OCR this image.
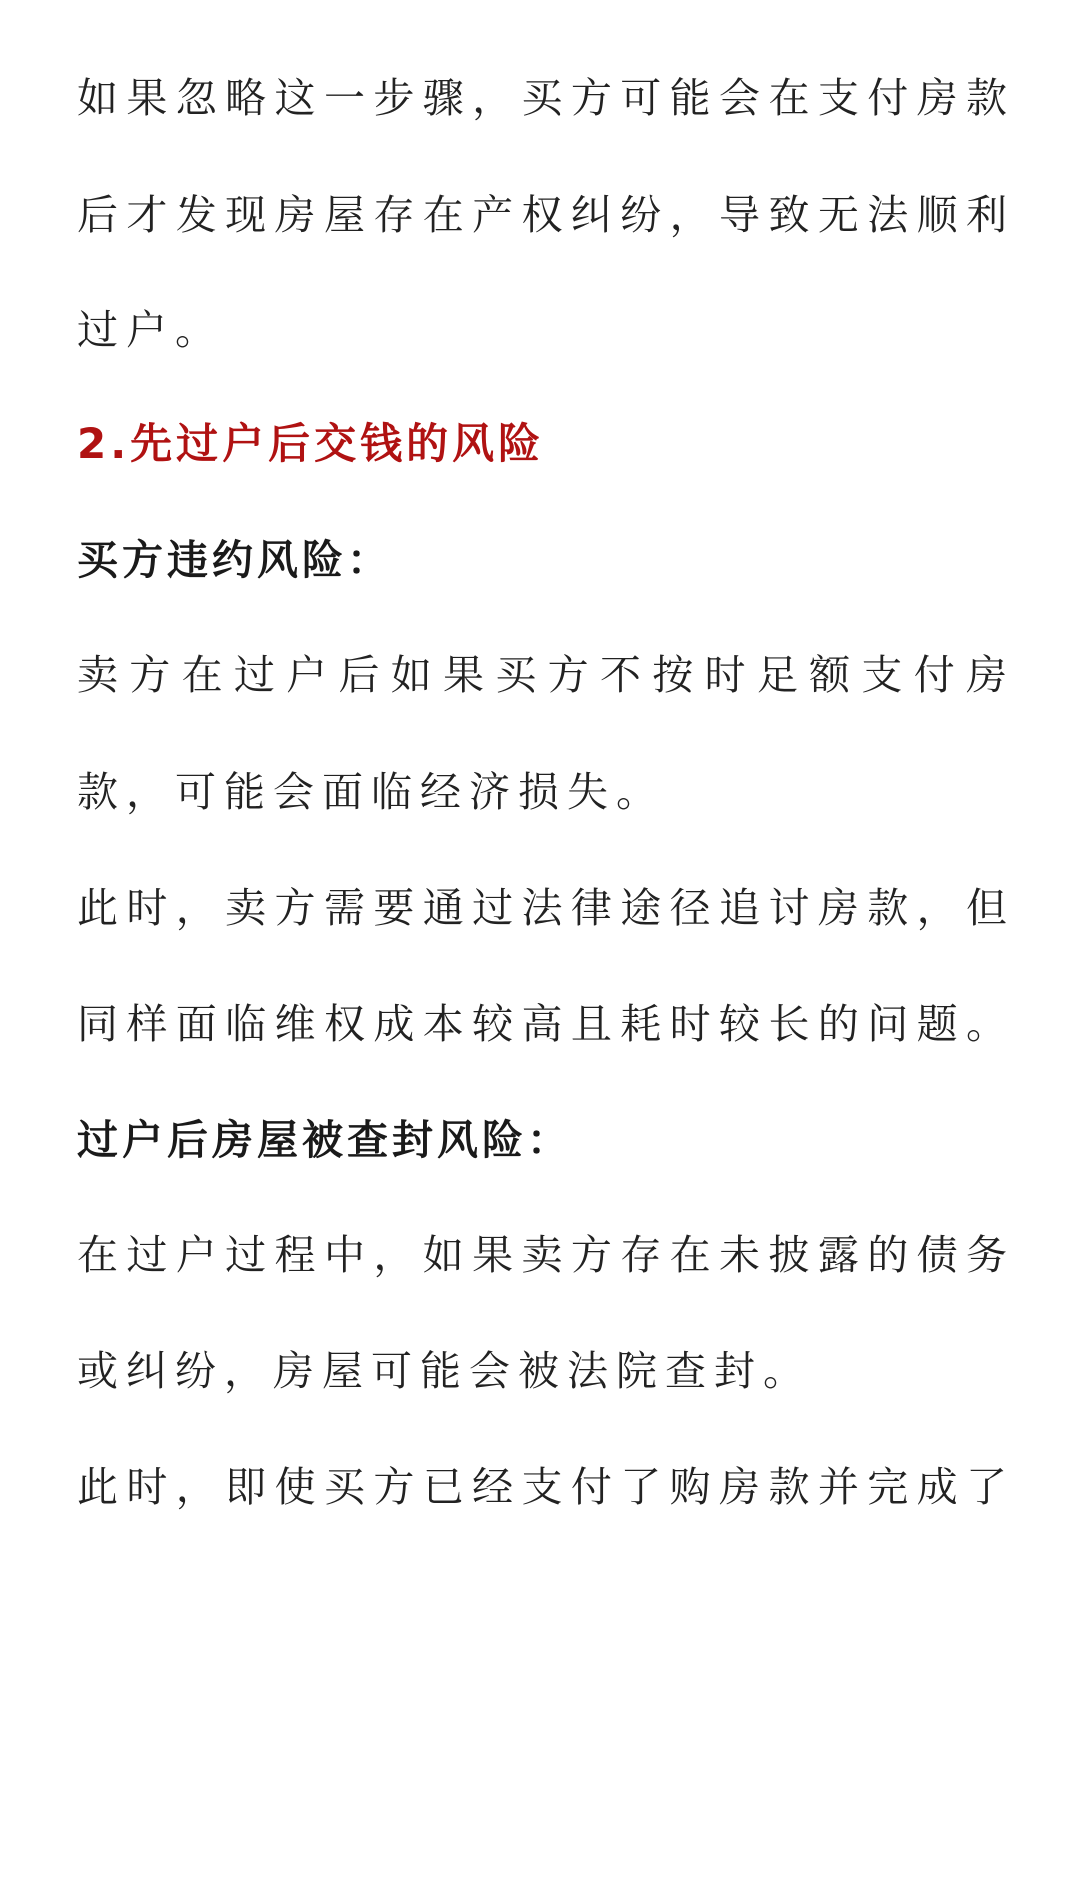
如果忽略这一步骤，买方可能会在支付房款
后才发现房屋存在产权纠纷，导致无法顺利
过户。
2.先过户后交钱的风险
买方违约风险：
卖方在过户后如果买方不按时足额支付房
款，可能会面临经济损失。
此时，卖方需要通过法律途径追讨房款，但
同样面临维权成本较高且耗时较长的问题。
过户后房屋被查封风险：
在过户过程中，如果卖方存在未披露的债务
或纠纷，房屋可能会被法院查封。
此时，即使买方已经支付了购房款并完成了
